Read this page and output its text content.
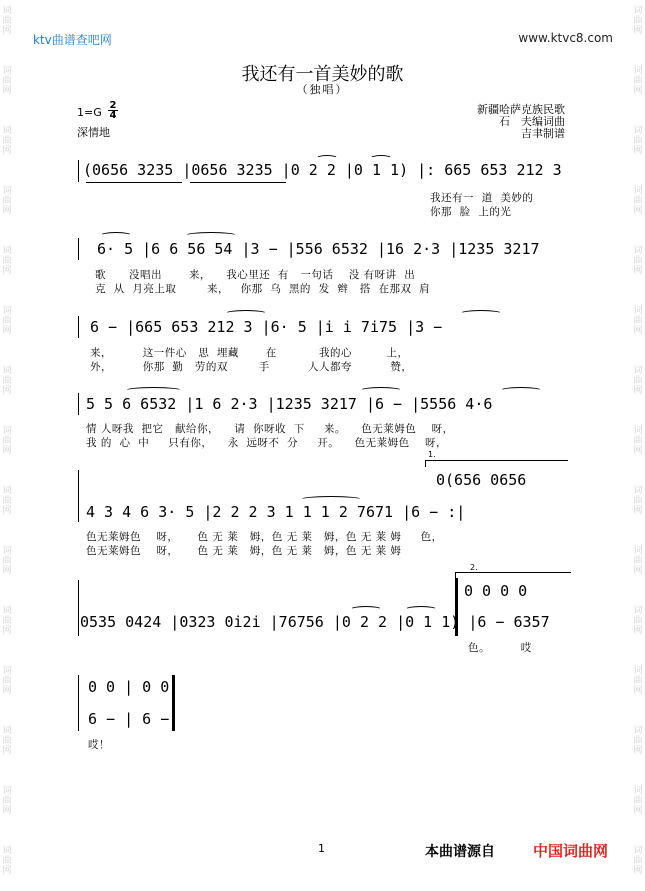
词
曲
网
词
曲
网
词
曲
网
词
曲
网
词
曲
网
词
曲
网
词
曲
网
词
曲
网
词
曲
网
词
曲
网
词
曲
网
词
曲
网
词
曲
网
词
曲
网
词
曲
网
词
曲
网
词
曲
网
词
曲
网
词
曲
网
词
曲
网
词
曲
网
词
曲
网
词
曲
网
词
曲
网
词
曲
网
词
曲
网
词
曲
网
词
曲
网
词
曲
网
词
曲
网
ktv曲谱查吧网	www.ktvc8.com
我还有一首美妙的歌
（独唱）
1=G
2
4
深情地
新疆哈萨克族民歌
石　夫编词曲
吉聿制谱
(0656 3235 |0656 3235 |0 2 2 |0 1 1) |: 665 653 212 3
我还有一  道  美妙的
你那  脸  上的光
6· 5 |6 6 56 54 |3 − |556 6532 |16 2·3 |1235 3217
歌      没唱出       来，    我心里还  有   一句话    没 有呀讲  出
克  从  月亮上取        来，   你那  乌  黑的  发  辫   搭  在那双  肩
6 − |665 653 212 3 |6· 5 |i i 7i75 |3 −
来，        这一件心   思  埋藏       在           我的心         上，
外，        你那  勤   劳的双        手          人人都夸          赞，
5 5 6 6532 |1 6 2·3 |1235 3217 |6 − |5556 4·6
情 人呀我  把它   献给你，    请  你呀收  下     来。    色无莱姆色    呀，
我 的  心  中     只有你，    永  远呀不  分     开。    色无莱姆色    呀，
1.
0(656 0656
4 3 4 6 3· 5 |2 2 2 3 1 1 1 2 7671 |6 − :|
色无莱姆色    呀，     色 无 莱   姆，色 无 莱   姆，色 无 莱 姆     色，
色无莱姆色    呀，     色 无 莱   姆，色 无 莱   姆，色 无 莱 姆
2.
0 0 0 0
0535 0424 |0323 0i2i |76756 |0 2 2 |0 1 1) |6 − 6357
色。        哎
0 0 | 0 0
6 − | 6 −
哎！
1	本曲谱源自	中国词曲网
